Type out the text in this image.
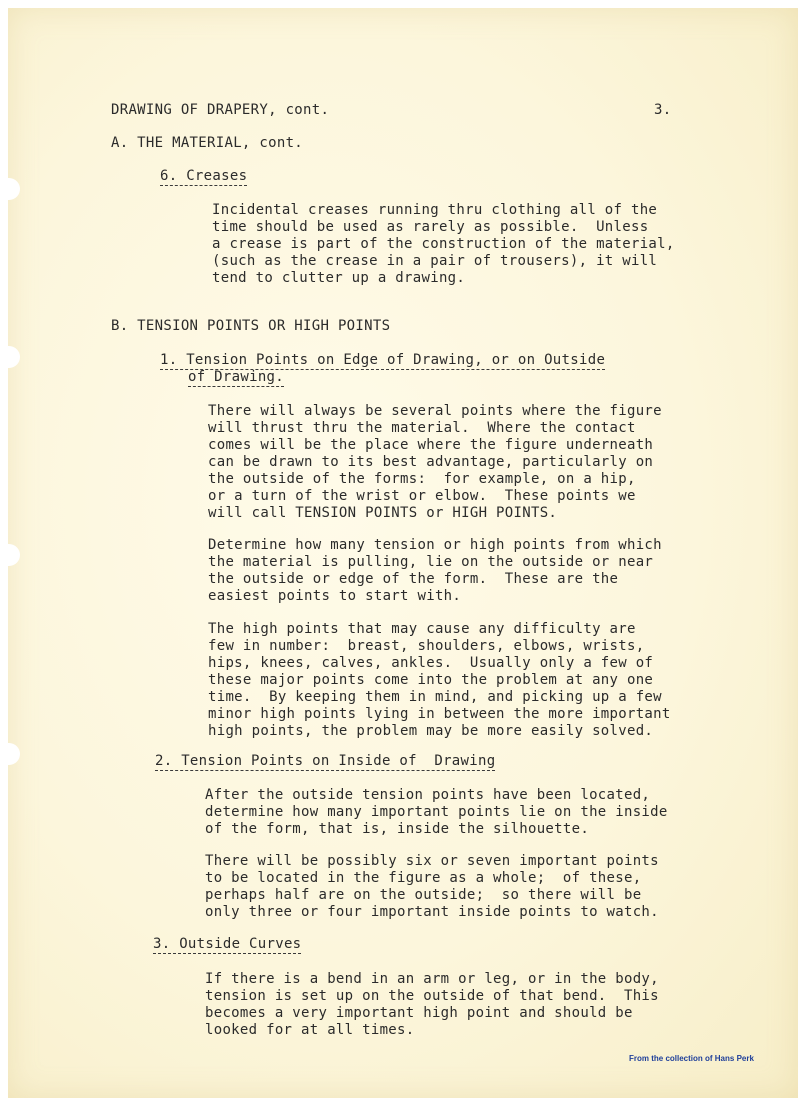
DRAWING OF DRAPERY, cont.	3.
A. THE MATERIAL, cont.
6. Creases
Incidental creases running thru clothing all of the
time should be used as rarely as possible.  Unless
a crease is part of the construction of the material,
(such as the crease in a pair of trousers), it will
tend to clutter up a drawing.
B. TENSION POINTS OR HIGH POINTS
1. Tension Points on Edge of Drawing, or on Outside
of Drawing.
There will always be several points where the figure
will thrust thru the material.  Where the contact
comes will be the place where the figure underneath
can be drawn to its best advantage, particularly on
the outside of the forms:  for example, on a hip,
or a turn of the wrist or elbow.  These points we
will call TENSION POINTS or HIGH POINTS.
Determine how many tension or high points from which
the material is pulling, lie on the outside or near
the outside or edge of the form.  These are the
easiest points to start with.
The high points that may cause any difficulty are
few in number:  breast, shoulders, elbows, wrists,
hips, knees, calves, ankles.  Usually only a few of
these major points come into the problem at any one
time.  By keeping them in mind, and picking up a few
minor high points lying in between the more important
high points, the problem may be more easily solved.
2. Tension Points on Inside of  Drawing
After the outside tension points have been located,
determine how many important points lie on the inside
of the form, that is, inside the silhouette.
There will be possibly six or seven important points
to be located in the figure as a whole;  of these,
perhaps half are on the outside;  so there will be
only three or four important inside points to watch.
3. Outside Curves
If there is a bend in an arm or leg, or in the body,
tension is set up on the outside of that bend.  This
becomes a very important high point and should be
looked for at all times.
From the collection of Hans Perk
